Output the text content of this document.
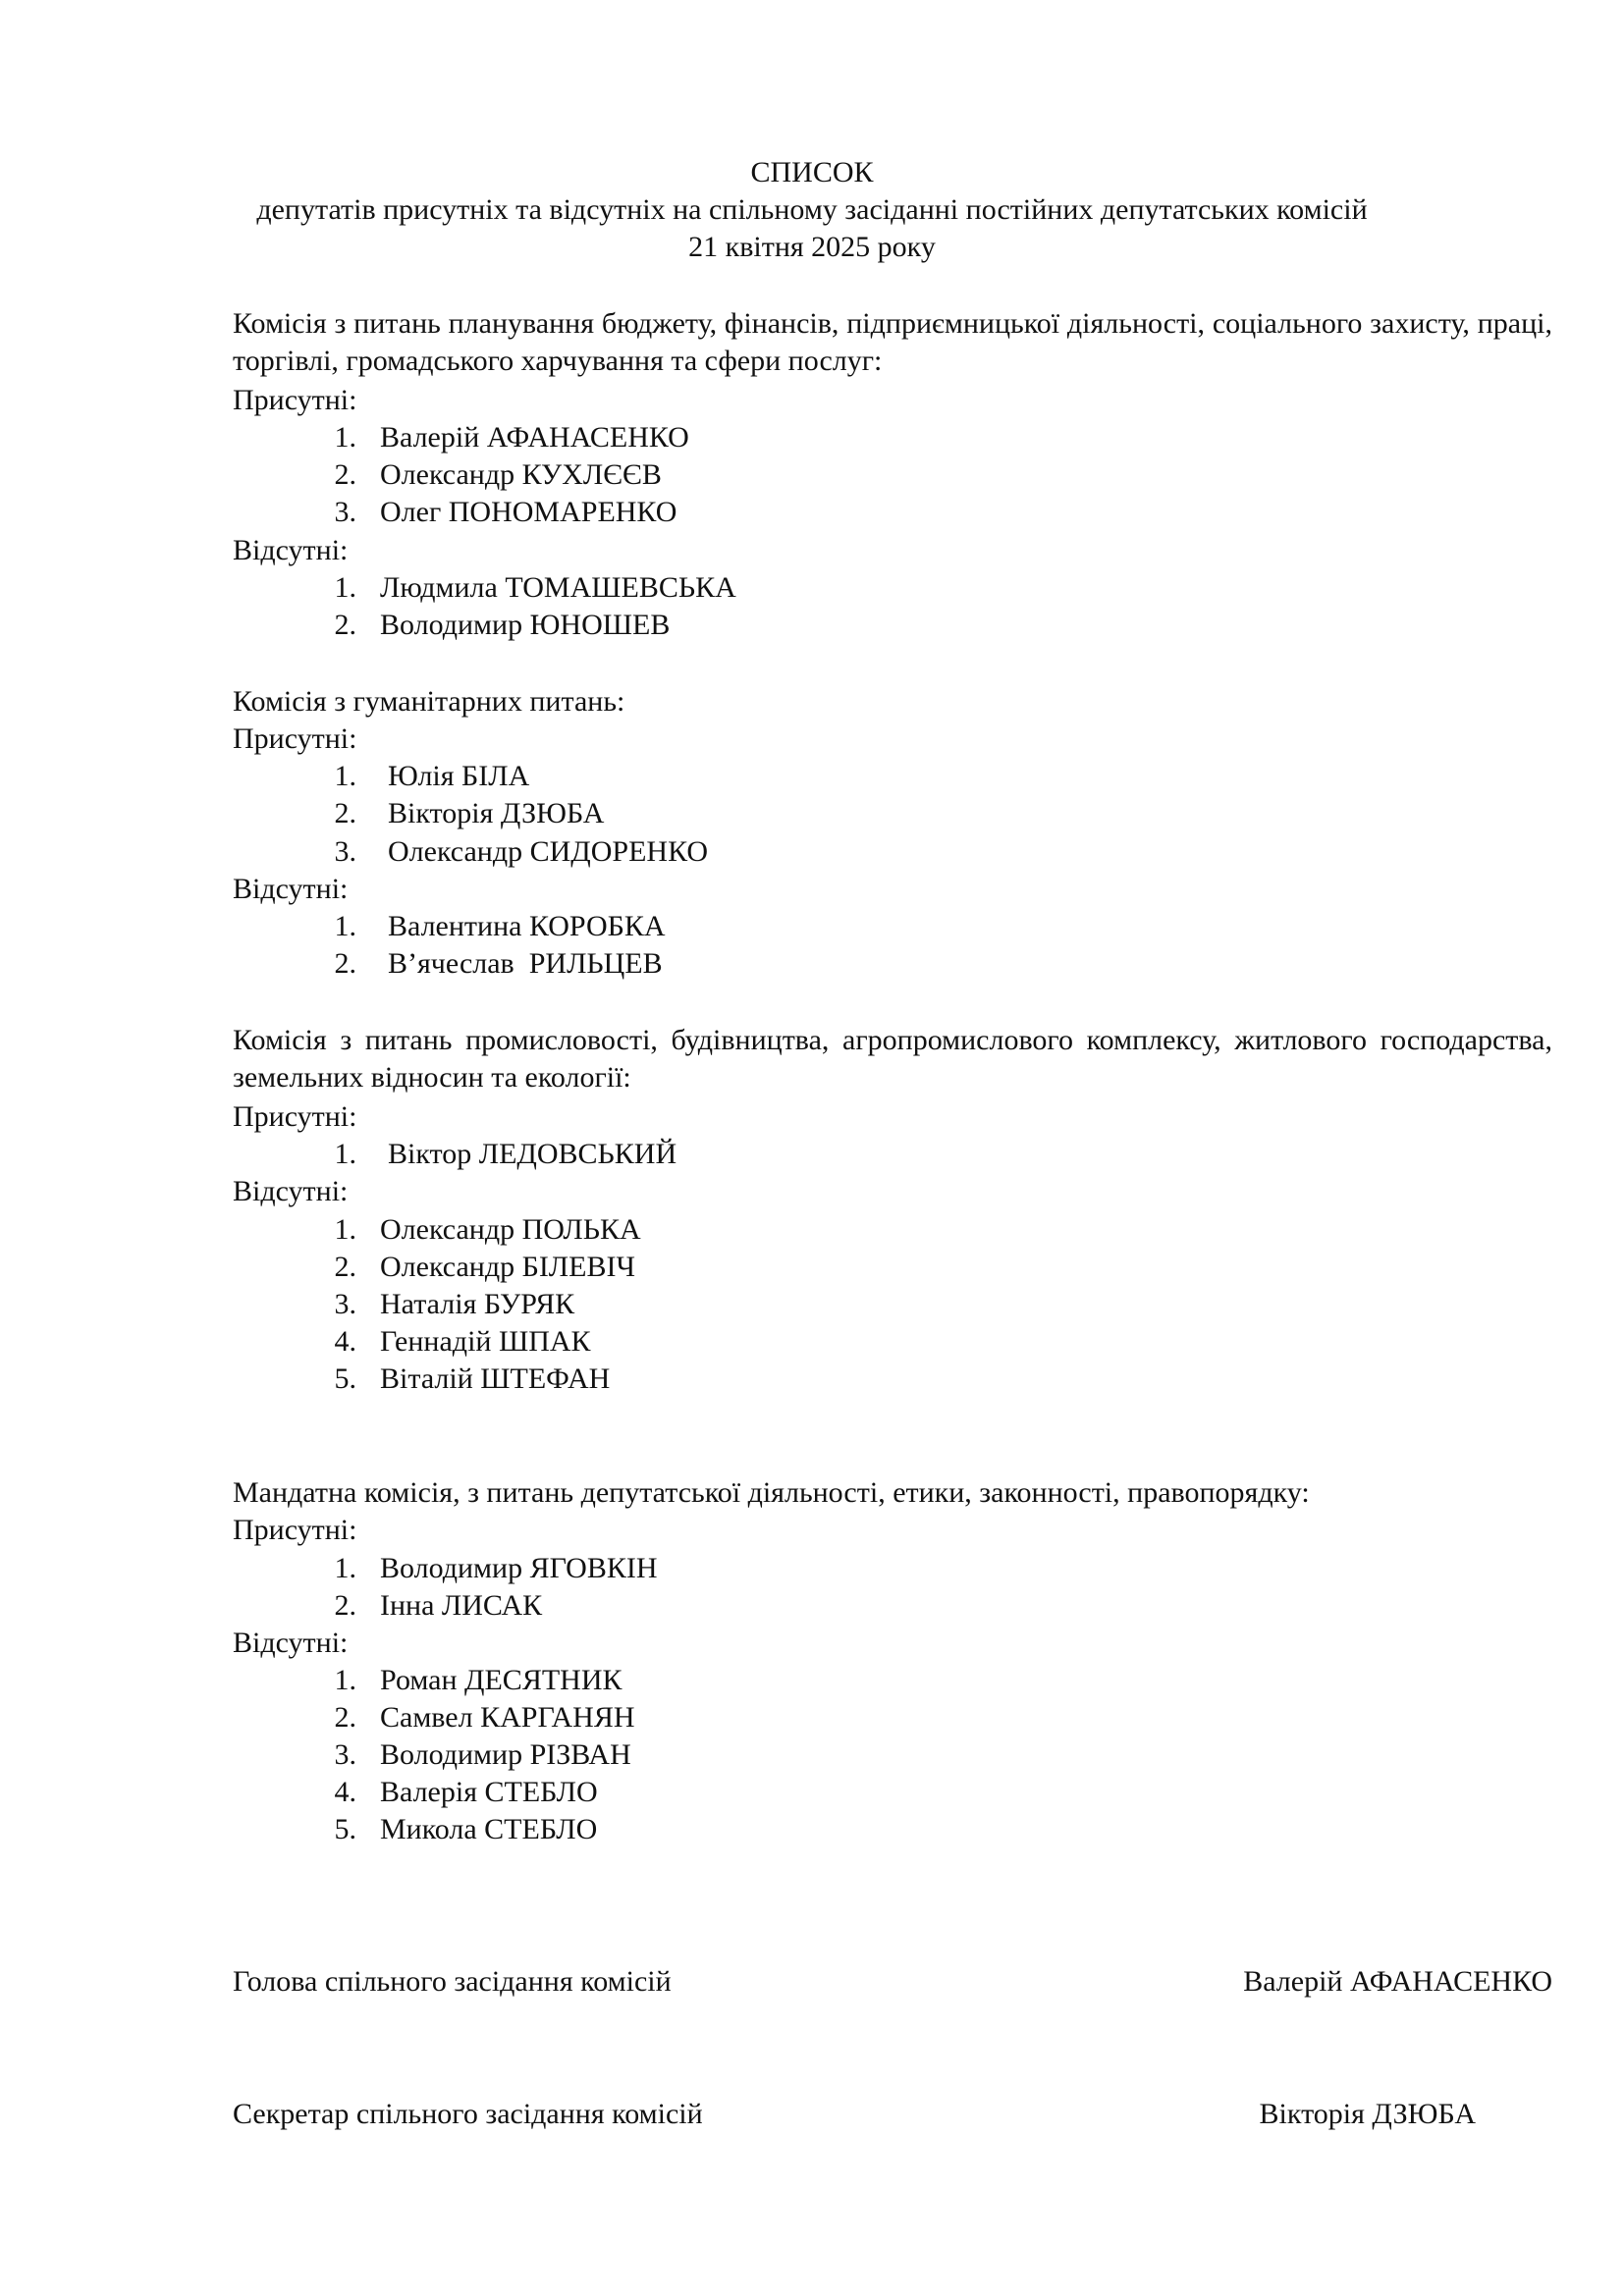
СПИСОК
депутатів присутніх та відсутніх на спільному засіданні постійних депутатських комісій
21 квітня 2025 року
Комісія з питань планування бюджету, фінансів, підприємницької діяльності, соціального захисту, праці, торгівлі, громадського харчування та сфери послуг:
Присутні:
1. Валерій АФАНАСЕНКО
2. Олександр КУХЛЄЄВ
3. Олег ПОНОМАРЕНКО
Відсутні:
1. Людмила ТОМАШЕВСЬКА
2. Володимир ЮНОШЕВ
Комісія з гуманітарних питань:
Присутні:
1. Юлія БІЛА
2. Вікторія ДЗЮБА
3. Олександр СИДОРЕНКО
Відсутні:
1. Валентина КОРОБКА
2. В’ячеслав  РИЛЬЦЕВ
Комісія з питань промисловості, будівництва, агропромислового комплексу, житлового господарства, земельних відносин та екології:
Присутні:
1. Віктор ЛЕДОВСЬКИЙ
Відсутні:
1. Олександр ПОЛЬКА
2. Олександр БІЛЕВІЧ
3. Наталія БУРЯК
4. Геннадій ШПАК
5. Віталій ШТЕФАН
Мандатна комісія, з питань депутатської діяльності, етики, законності, правопорядку:
Присутні:
1. Володимир ЯГОВКІН
2. Інна ЛИСАК
Відсутні:
1. Роман ДЕСЯТНИК
2. Самвел КАРГАНЯН
3. Володимир РІЗВАН
4. Валерія СТЕБЛО
5. Микола СТЕБЛО
Голова спільного засідання комісій	Валерій АФАНАСЕНКО
Секретар спільного засідання комісій	Вікторія ДЗЮБА
